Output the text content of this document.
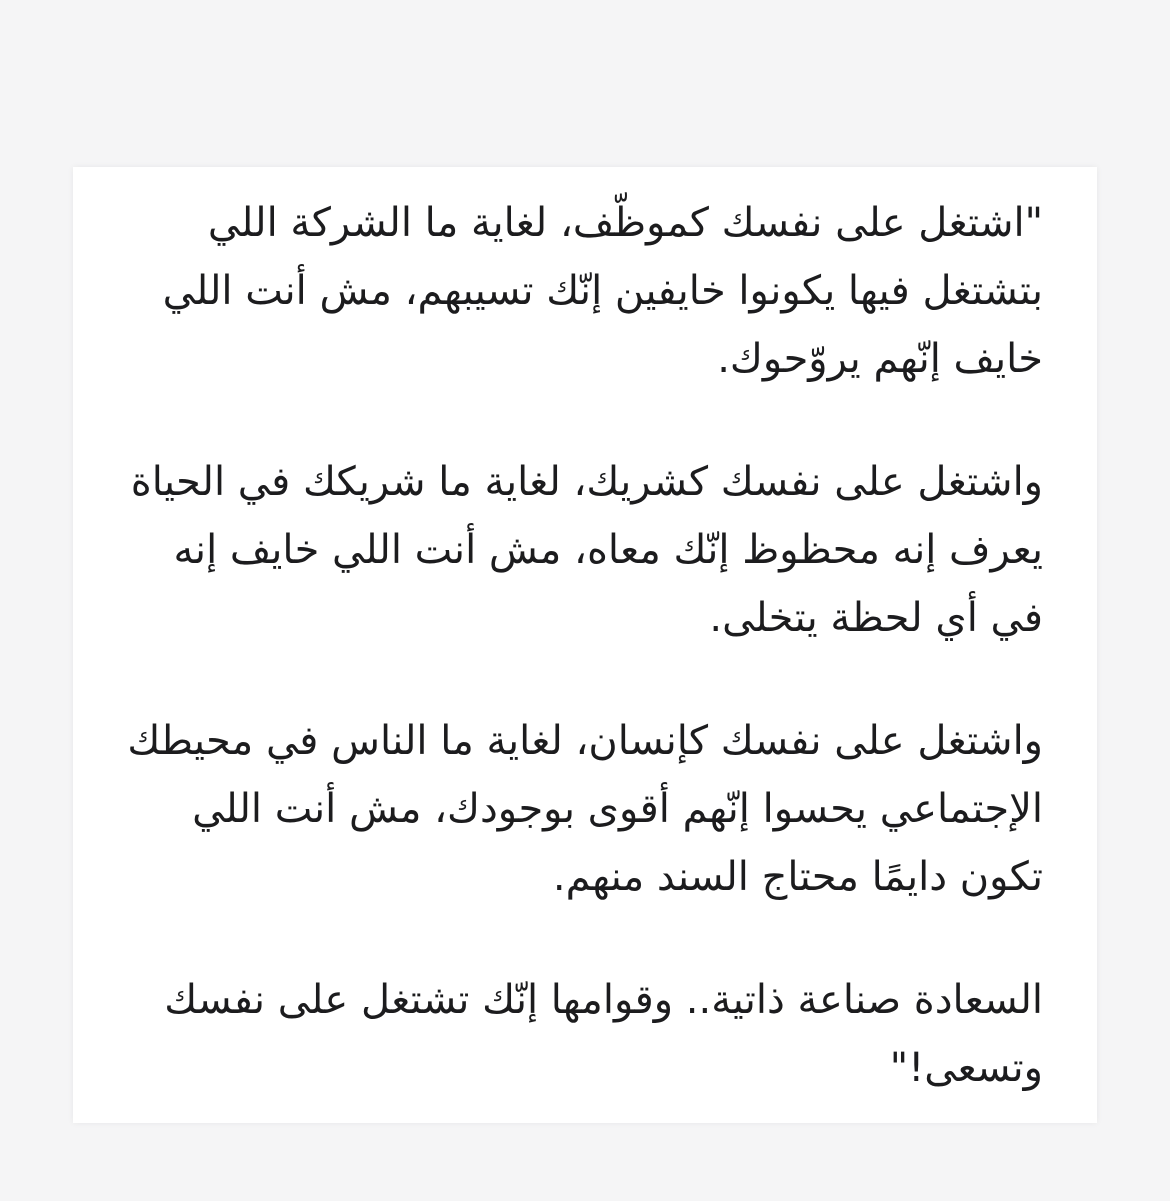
"اشتغل على نفسك كموظّف، لغاية ما الشركة اللي بتشتغل فيها يكونوا خايفين إنّك تسيبهم، مش أنت اللي خايف إنّهم يروّحوك.

واشتغل على نفسك كشريك، لغاية ما شريكك في الحياة يعرف إنه محظوظ إنّك معاه، مش أنت اللي خايف إنه في أي لحظة يتخلى.

واشتغل على نفسك كإنسان، لغاية ما الناس في محيطك الإجتماعي يحسوا إنّهم أقوى بوجودك، مش أنت اللي تكون دايمًا محتاج السند منهم.

السعادة صناعة ذاتية.. وقوامها إنّك تشتغل على نفسك وتسعى!"
